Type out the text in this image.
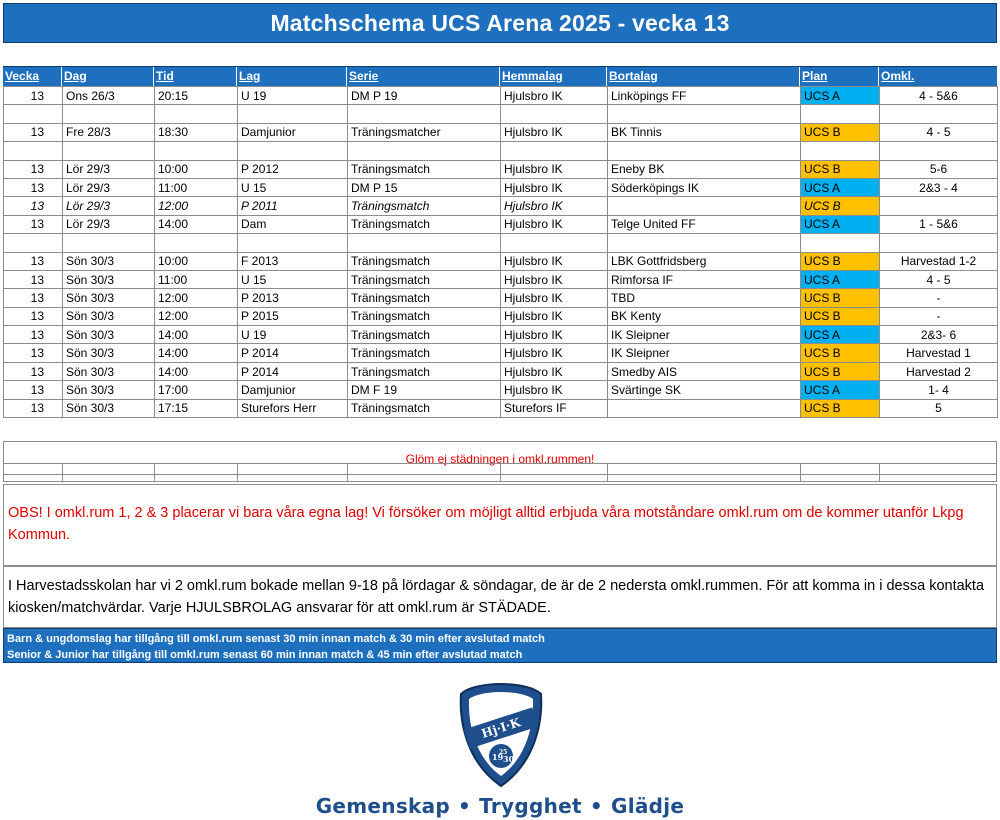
Matchschema UCS Arena 2025 - vecka 13
Vecka	Dag	Tid	Lag	Serie	Hemmalag	Bortalag	Plan	Omkl.
13	Ons 26/3	20:15	U 19	DM P 19	Hjulsbro IK	Linköpings FF	UCS A	4 - 5&6

13	Fre 28/3	18:30	Damjunior	Träningsmatcher	Hjulsbro IK	BK Tinnis	UCS B	4 - 5

13	Lör 29/3	10:00	P 2012	Träningsmatch	Hjulsbro IK	Eneby BK	UCS B	5-6
13	Lör 29/3	11:00	U 15	DM P 15	Hjulsbro IK	Söderköpings IK	UCS A	2&3 - 4
13	Lör 29/3	12:00	P 2011	Träningsmatch	Hjulsbro IK		UCS B	
13	Lör 29/3	14:00	Dam	Träningsmatch	Hjulsbro IK	Telge United FF	UCS A	1 - 5&6

13	Sön 30/3	10:00	F 2013	Träningsmatch	Hjulsbro IK	LBK Gottfridsberg	UCS B	Harvestad 1-2
13	Sön 30/3	11:00	U 15	Träningsmatch	Hjulsbro IK	Rimforsa IF	UCS A	4 - 5
13	Sön 30/3	12:00	P 2013	Träningsmatch	Hjulsbro IK	TBD	UCS B	-
13	Sön 30/3	12:00	P 2015	Träningsmatch	Hjulsbro IK	BK Kenty	UCS B	-
13	Sön 30/3	14:00	U 19	Träningsmatch	Hjulsbro IK	IK Sleipner	UCS A	2&3- 6
13	Sön 30/3	14:00	P 2014	Träningsmatch	Hjulsbro IK	IK Sleipner	UCS B	Harvestad 1
13	Sön 30/3	14:00	P 2014	Träningsmatch	Hjulsbro IK	Smedby AIS	UCS B	Harvestad 2
13	Sön 30/3	17:00	Damjunior	DM F 19	Hjulsbro IK	Svärtinge SK	UCS A	1- 4
13	Sön 30/3	17:15	Sturefors Herr	Träningsmatch	Sturefors IF		UCS B	5
Glöm ej städningen i omkl.rummen!
OBS! I omkl.rum 1, 2 & 3 placerar vi bara våra egna lag! Vi försöker om möjligt alltid erbjuda våra motståndare omkl.rum om de kommer utanför Lkpg Kommun.
I Harvestadsskolan har vi 2 omkl.rum bokade mellan 9-18 på lördagar & söndagar, de är de 2 nedersta omkl.rummen. För att komma in i dessa kontakta kiosken/matchvärdar. Varje HJULSBROLAG ansvarar för att omkl.rum är STÄDADE.
Barn & ungdomslag har tillgång till omkl.rum senast 30 min innan match & 30 min efter avslutad match
Senior & Junior har tillgång till omkl.rum senast 60 min innan match & 45 min efter avslutad match
Hj·I·K
19
25
30
Gemenskap • Trygghet • Glädje
